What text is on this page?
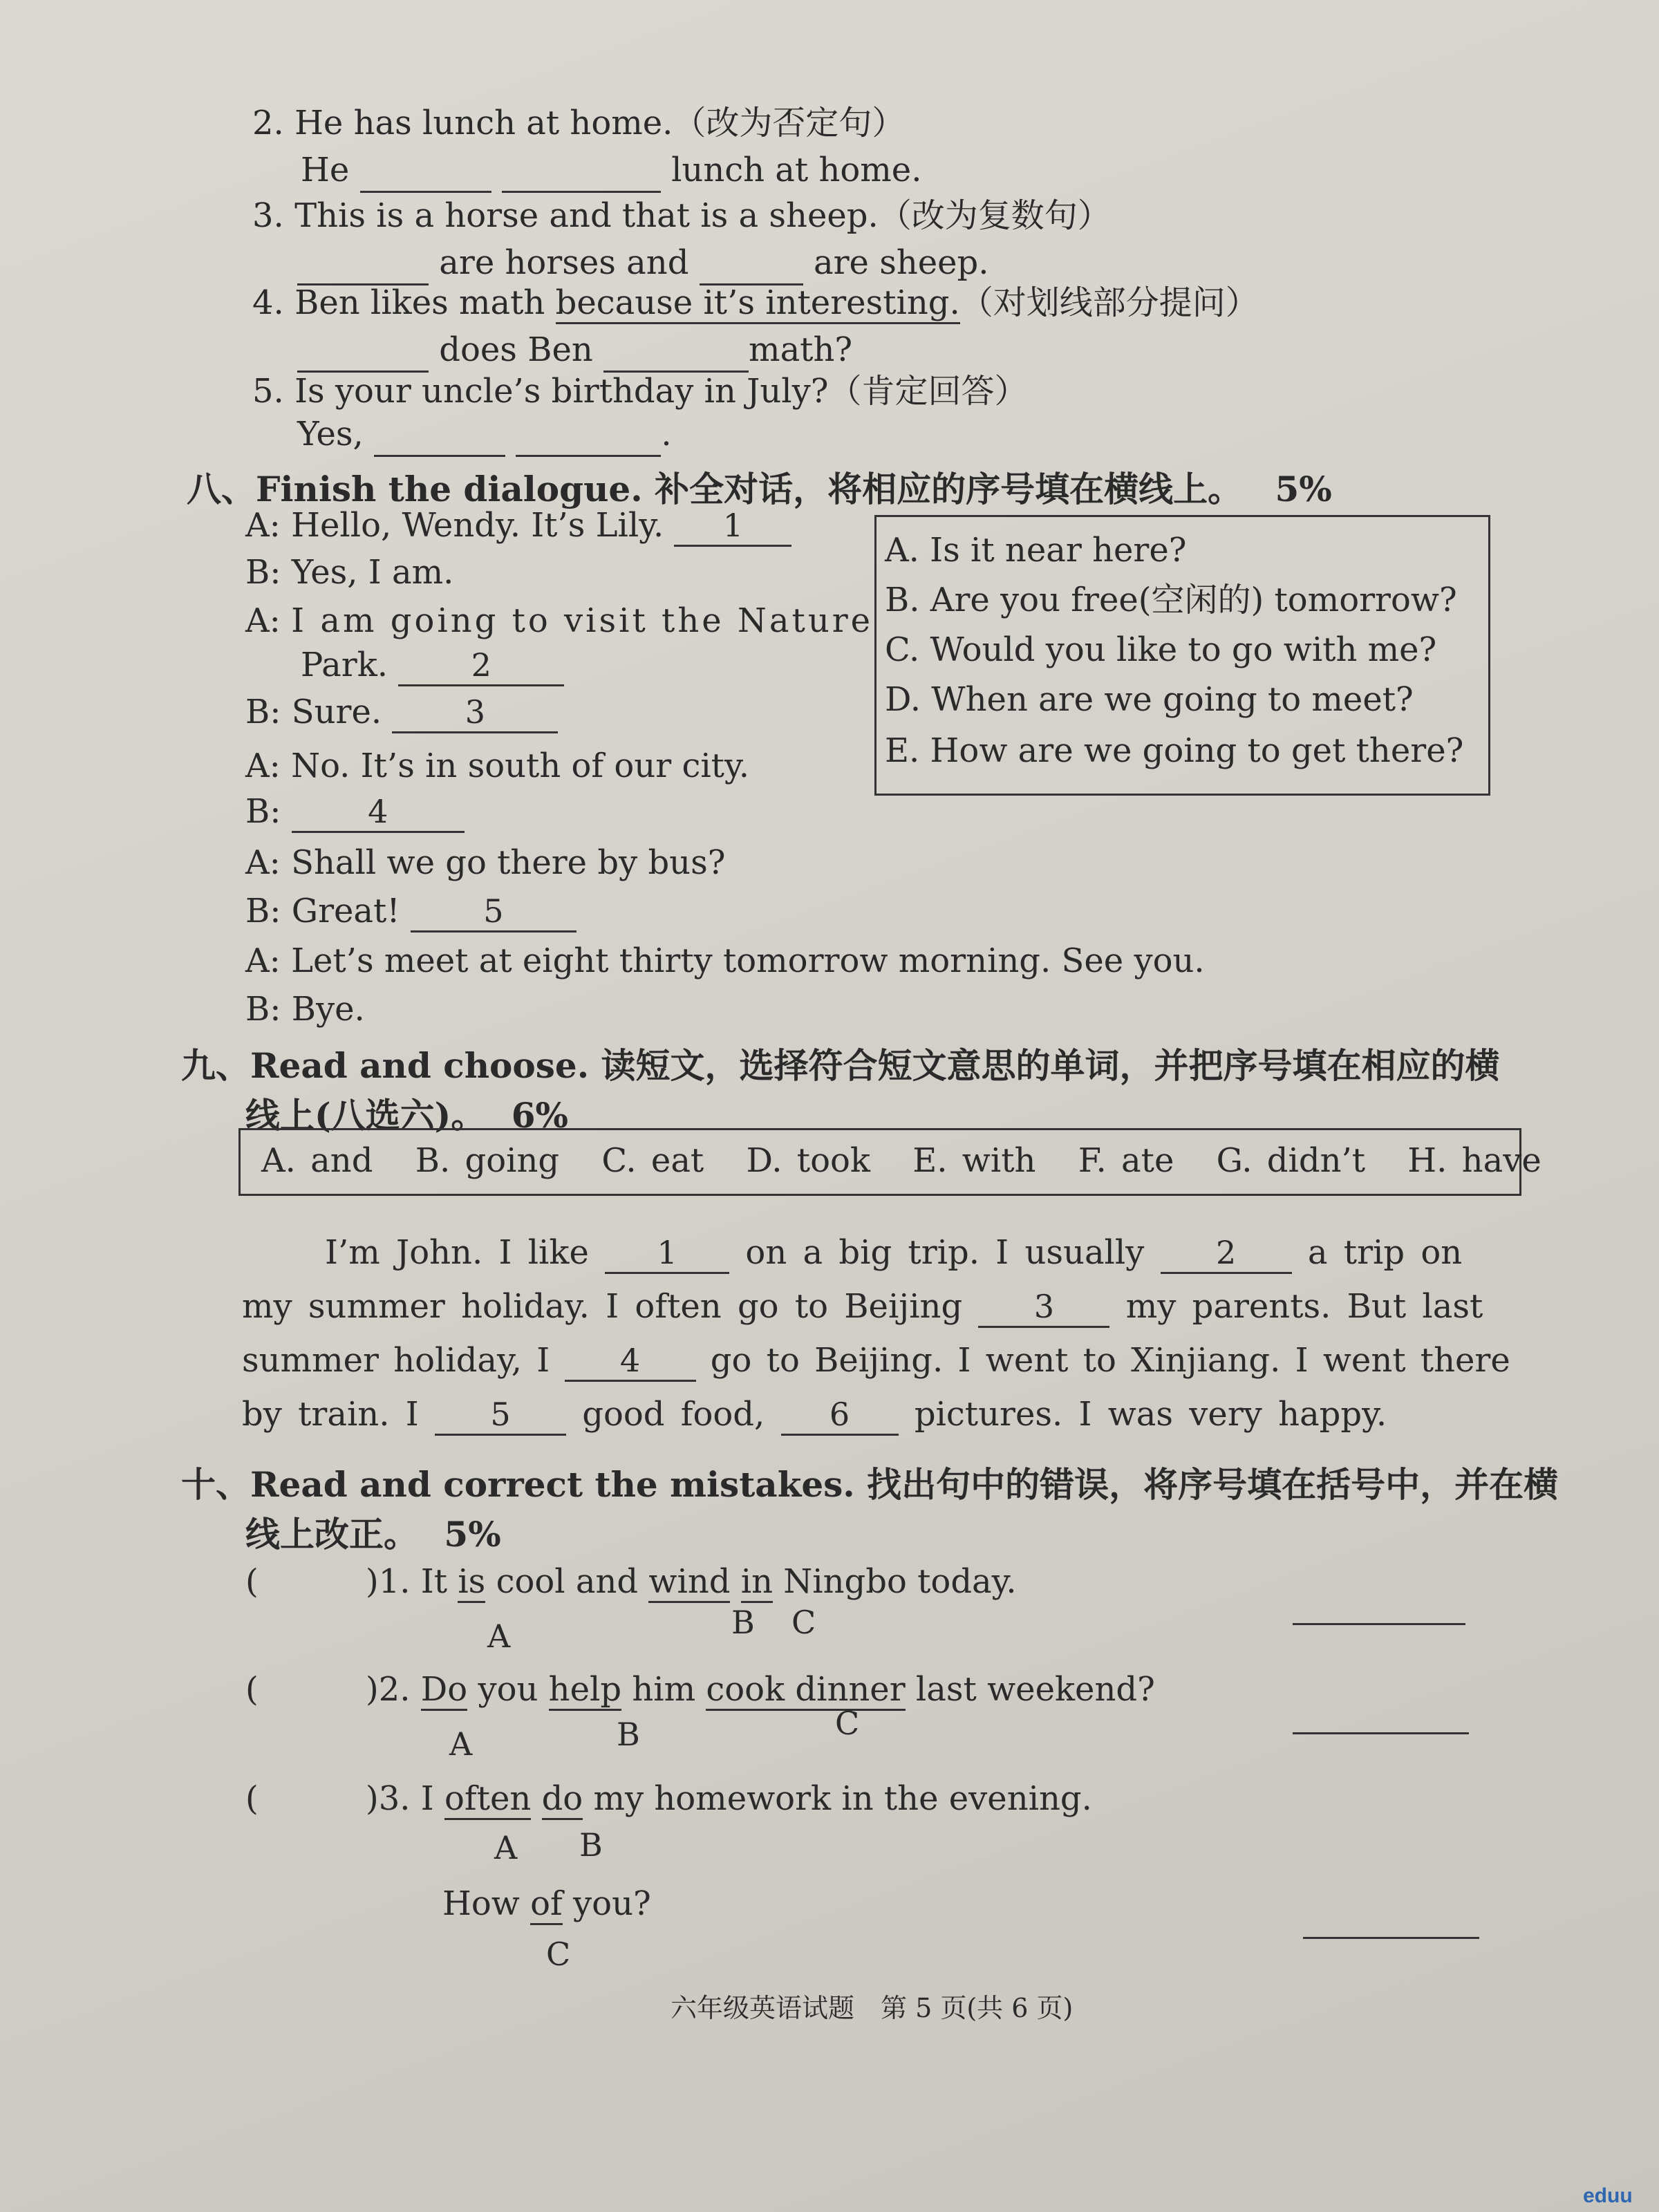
2. He has lunch at home.（改为否定句）
He	lunch at home.
3. This is a horse and that is a sheep.（改为复数句）
are horses and	are sheep.
4. Ben likes math because it’s interesting.（对划线部分提问）
does Ben	math?
5. Is your uncle’s birthday in July?（肯定回答）
Yes,	.
八、Finish the dialogue. 补全对话，将相应的序号填在横线上。 5%
A: Hello, Wendy. It’s Lily. 1
B: Yes, I am.
A: I am going to visit the Nature
Park.	2
B: Sure.	3
A: No. It’s in south of our city.
B:	4
A: Shall we go there by bus?
B: Great!	5
A: Let’s meet at eight thirty tomorrow morning. See you.
B: Bye.
A. Is it near here?
B. Are you free(空闲的) tomorrow?
C. Would you like to go with me?
D. When are we going to meet?
E. How are we going to get there?
九、Read and choose. 读短文，选择符合短文意思的单词，并把序号填在相应的横
线上(八选六)。 6%
A. and B. going C. eat D. took E. with F. ate G. didn’t H. have
I’m John. I like 1 on a big trip. I usually 2 a trip on
my summer holiday. I often go to Beijing 3 my parents. But last
summer holiday, I 4 go to Beijing. I went to Xinjiang. I went there
by train. I 5 good food, 6 pictures. I was very happy.
十、Read and correct the mistakes. 找出句中的错误，将序号填在括号中，并在横
线上改正。 5%
(	)1. It is cool and wind in Ningbo today.
A	B C
(	)2. Do you help him cook dinner last weekend?
A	B	C
(	)3. I often do my homework in the evening.
A B
How of you?
C
六年级英语试题　第 5 页(共 6 页)
eduu
